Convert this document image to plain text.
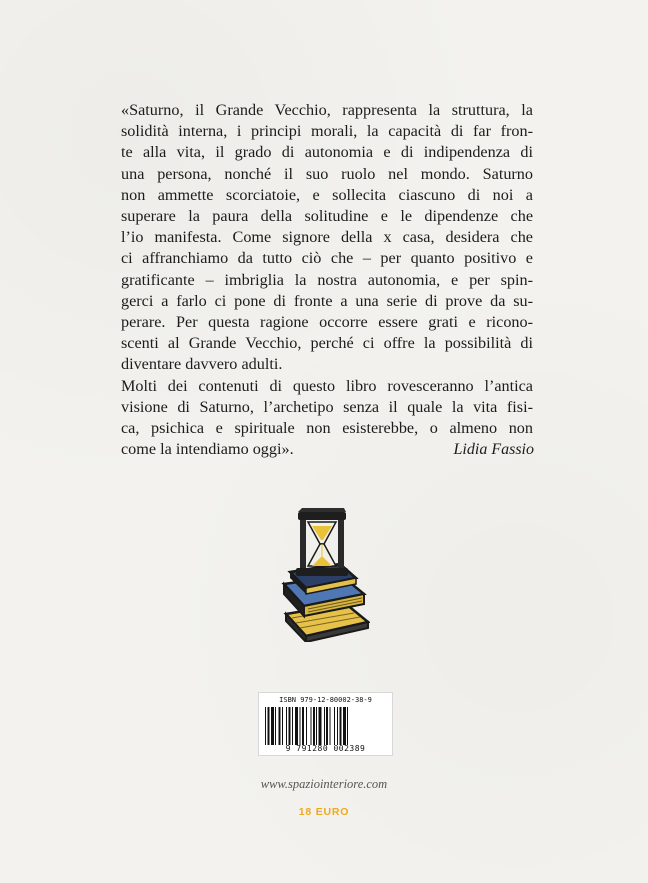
«Saturno, il Grande Vecchio, rappresenta la struttura, la
solidità interna, i principi morali, la capacità di far fron-
te alla vita, il grado di autonomia e di indipendenza di
una persona, nonché il suo ruolo nel mondo. Saturno
non ammette scorciatoie, e sollecita ciascuno di noi a
superare la paura della solitudine e le dipendenze che
l’io manifesta. Come signore della x casa, desidera che
ci affranchiamo da tutto ciò che – per quanto positivo e
gratificante – imbriglia la nostra autonomia, e per spin-
gerci a farlo ci pone di fronte a una serie di prove da su-
perare. Per questa ragione occorre essere grati e ricono-
scenti al Grande Vecchio, perché ci offre la possibilità di
diventare davvero adulti.
Molti dei contenuti di questo libro rovesceranno l’antica
visione di Saturno, l’archetipo senza il quale la vita fisi-
ca, psichica e spirituale non esisterebbe, o almeno non
come la intendiamo oggi».	Lidia Fassio
ISBN 979-12-80002-38-9
9 791280 002389
www.spaziointeriore.com
18 EURO
